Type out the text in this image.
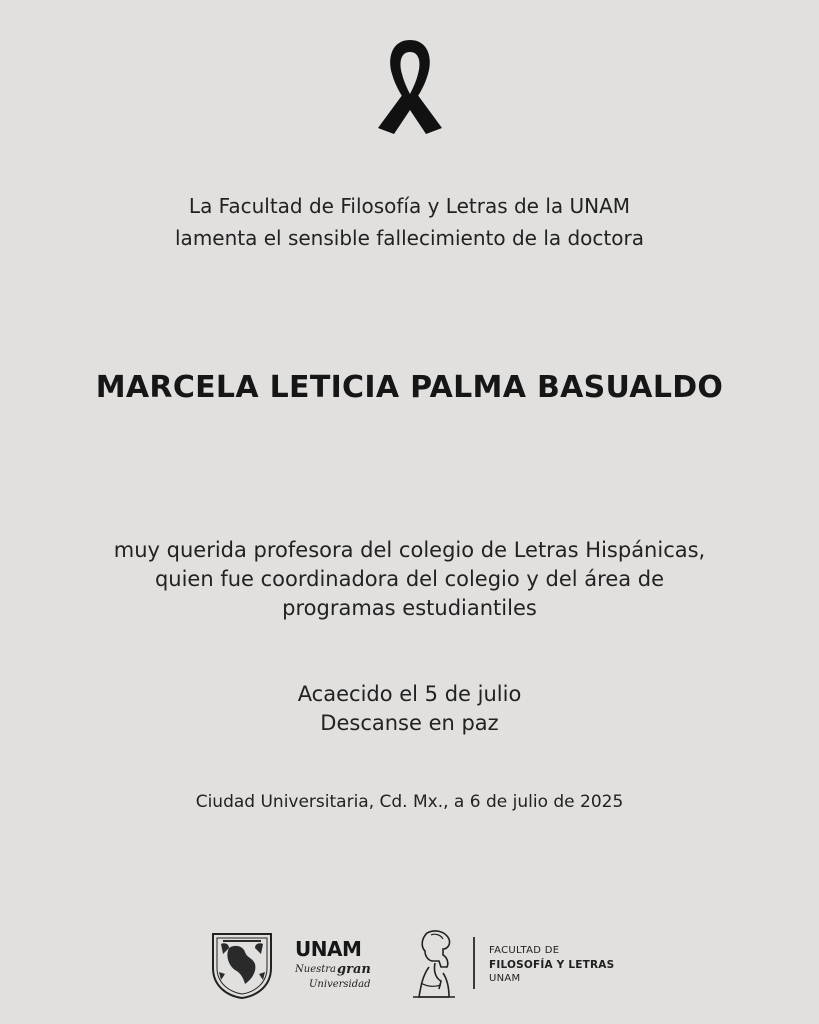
La Facultad de Filosofía y Letras de la UNAM
lamenta el sensible fallecimiento de la doctora
MARCELA LETICIA PALMA BASUALDO
muy querida profesora del colegio de Letras Hispánicas,
quien fue coordinadora del colegio y del área de
programas estudiantiles
Acaecido el 5 de julio
Descanse en paz
Ciudad Universitaria, Cd. Mx., a 6 de julio de 2025
UNAM
Nuestra gran
Universidad
FACULTAD DE
FILOSOFÍA Y LETRAS
UNAM
